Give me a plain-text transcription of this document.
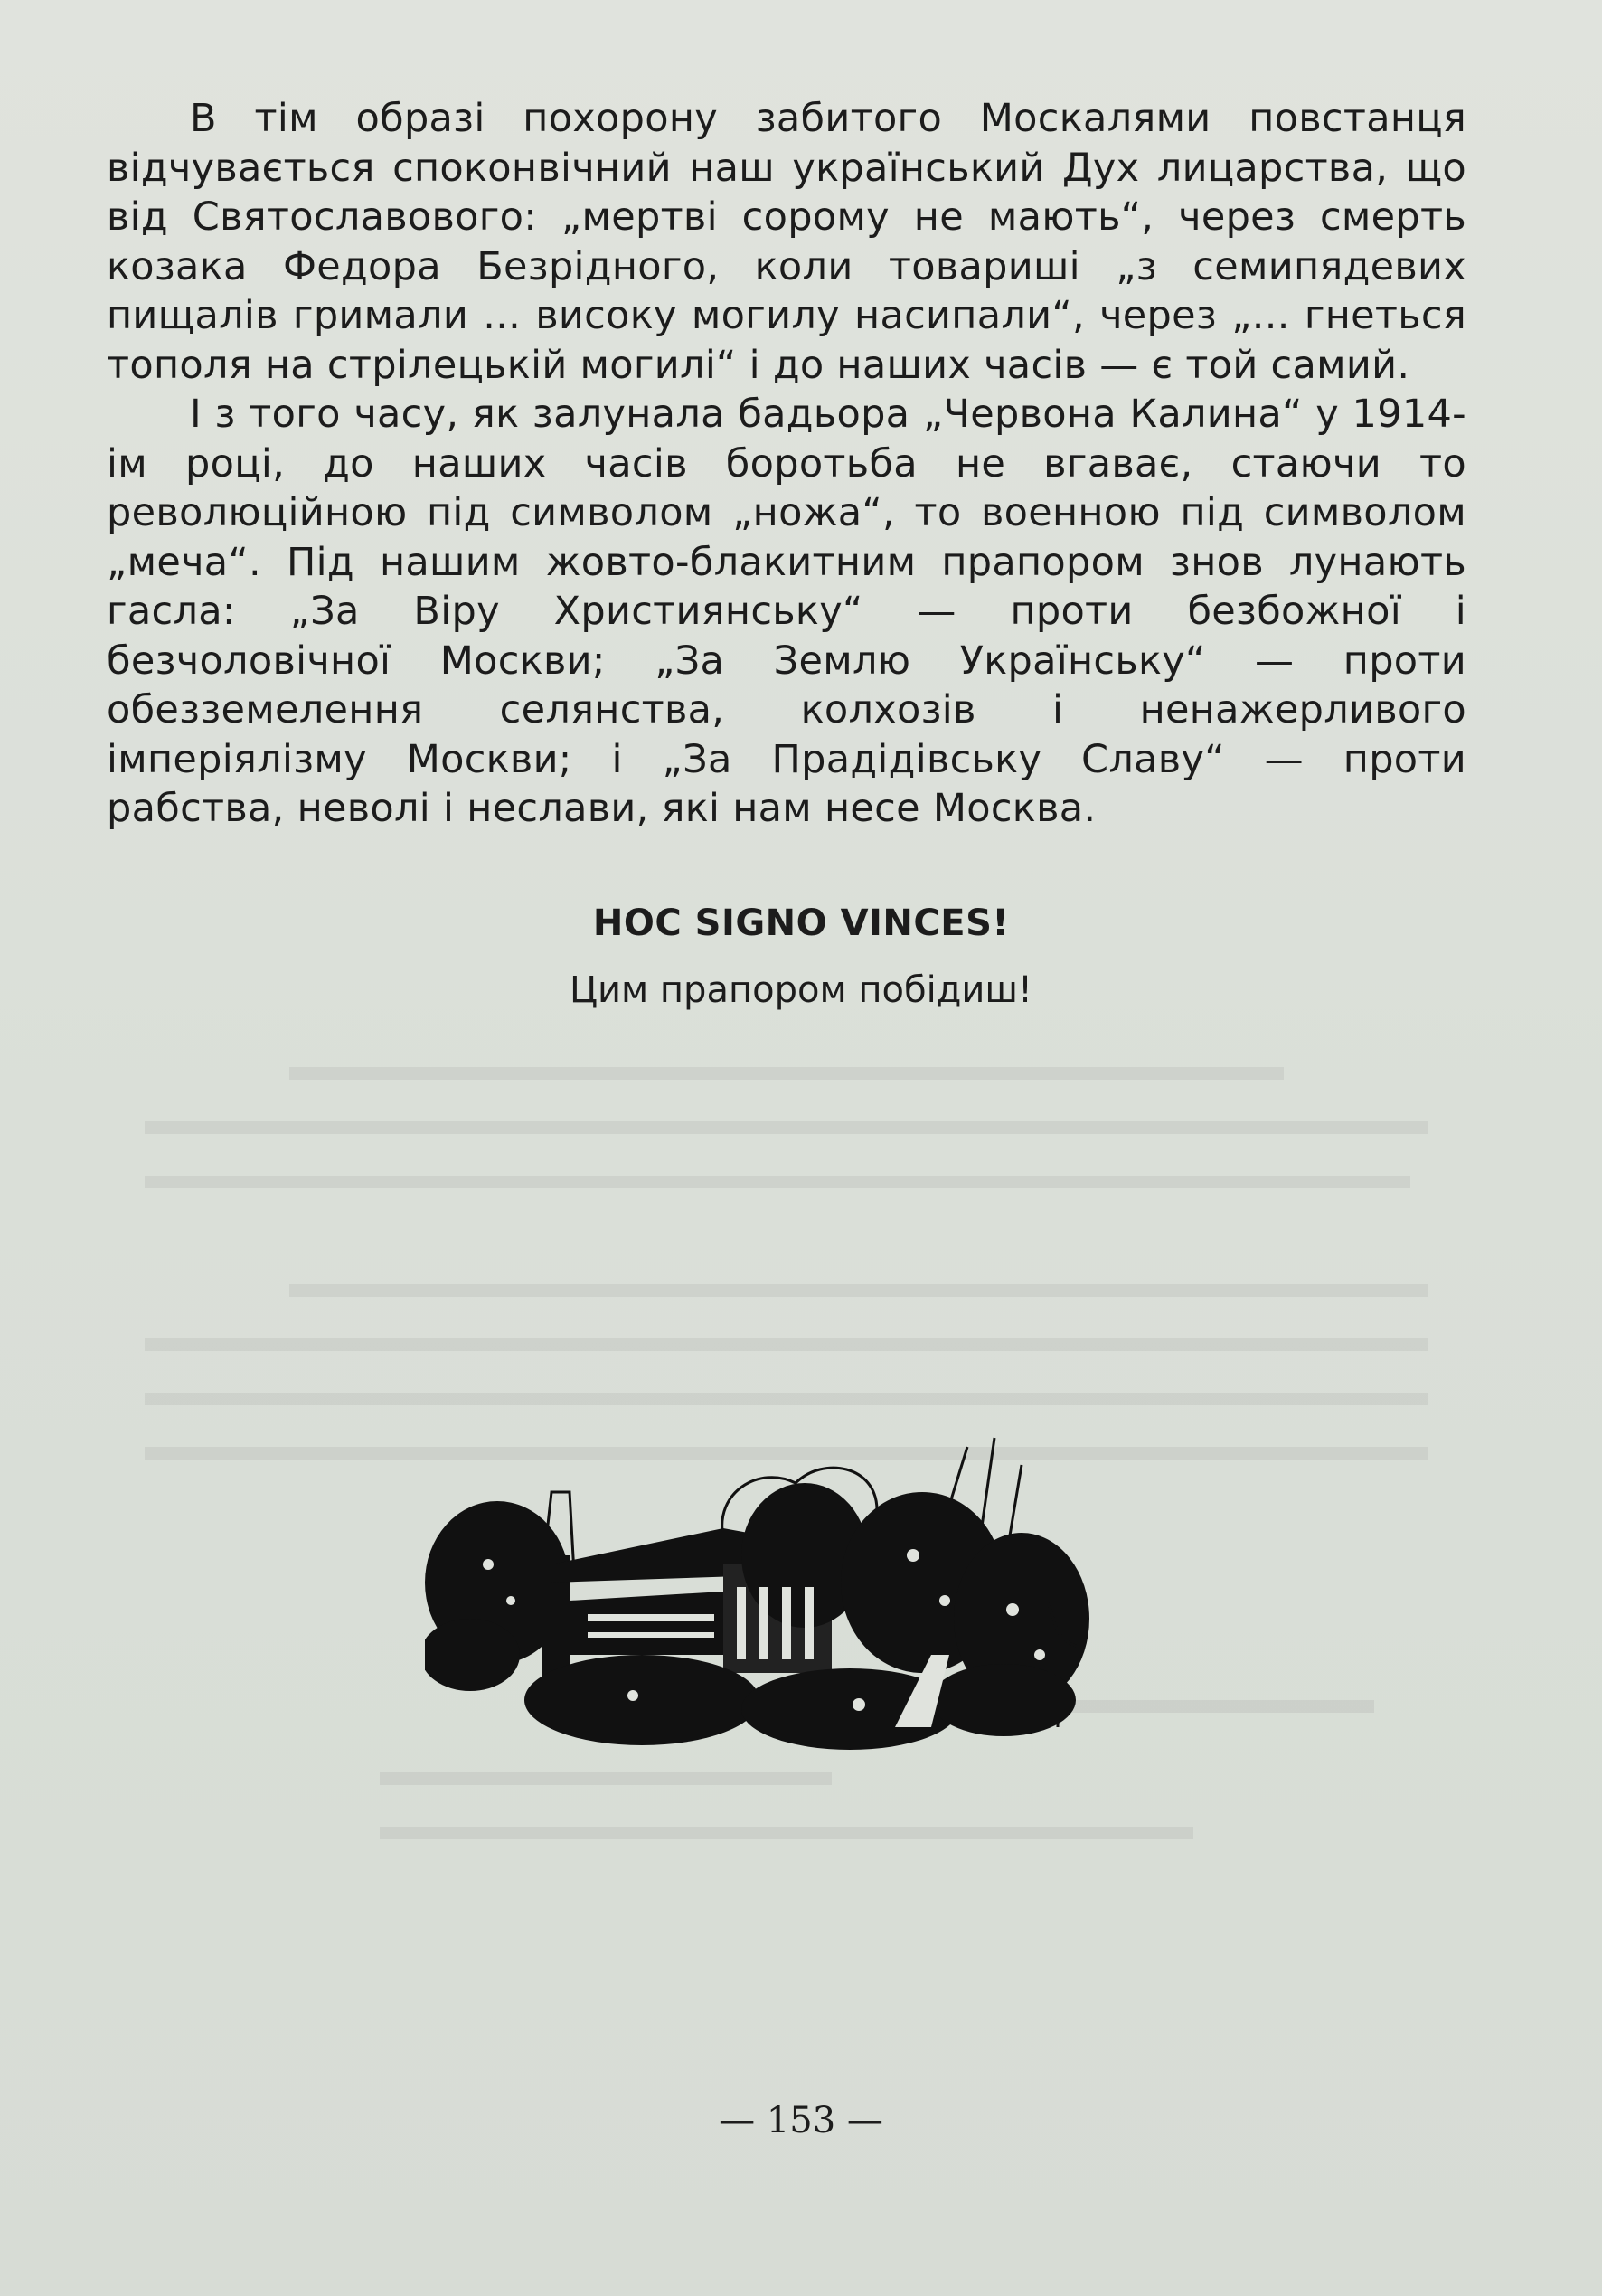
В тім образі похорону забитого Москалями повстанця відчувається споконвічний наш український Дух лицарства, що від Святославового: „мертві сорому не мають“, через смерть козака Федора Безрідного, коли товариші „з семипядевих пищалів гримали ... високу могилу насипали“, через „... гнеться тополя на стрілецькій могилі“ і до наших часів — є той самий.

І з того часу, як залунала бадьора „Червона Калина“ у 1914-ім році, до наших часів боротьба не вгаває, стаючи то революційною під символом „ножа“, то военною під символом „меча“. Під нашим жовто-блакитним прапором знов лунають гасла: „За Віру Християнську“ — проти безбожної і безчоловічної Москви; „За Землю Українську“ — проти обезземелення селянства, колхозів і ненажерливого імперіялізму Москви; і „За Прадідівську Славу“ — проти рабства, неволі і неслави, які нам несе Москва.

HOC SIGNO VINCES!
Цим прапором побідиш!
— 153 —
